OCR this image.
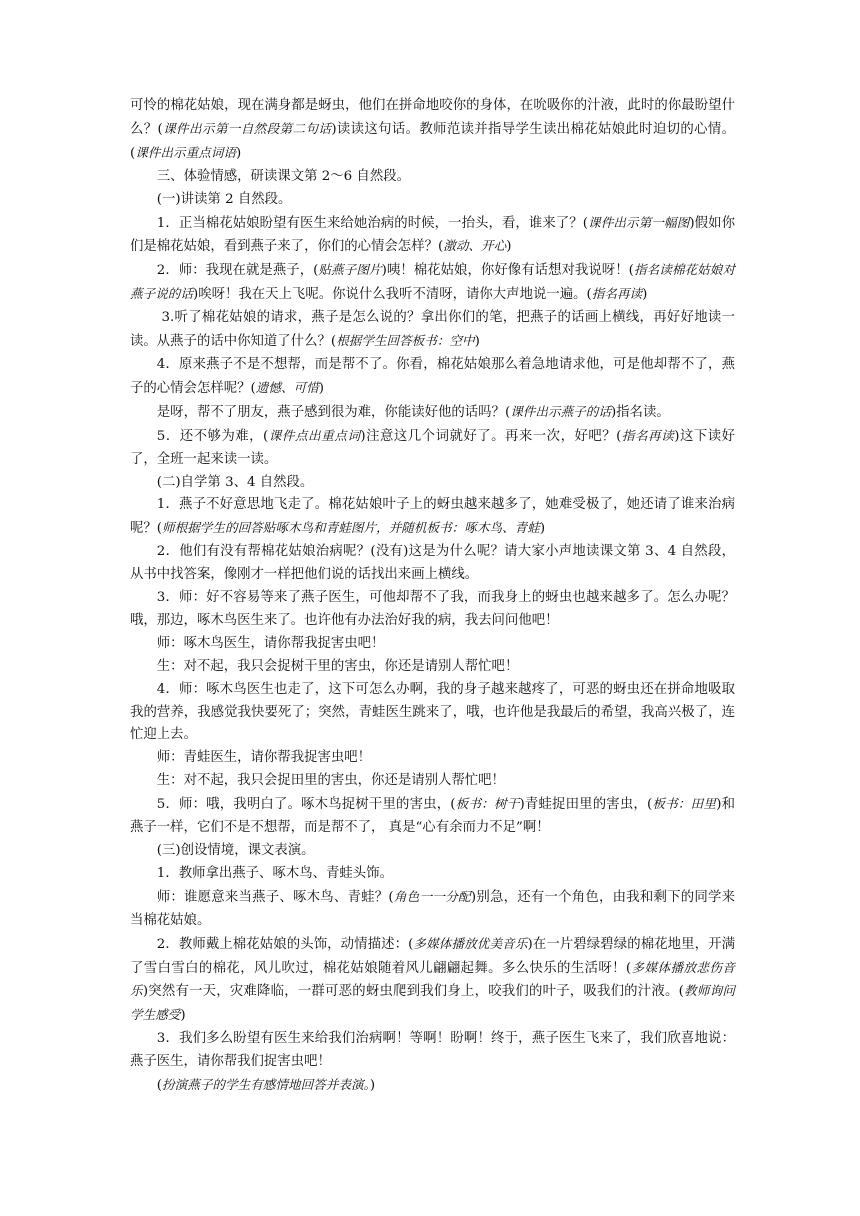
可怜的棉花姑娘，现在满身都是蚜虫，他们在拼命地咬你的身体，在吮吸你的汁液，此时的你最盼望什么？(课件出示第一自然段第二句话)读读这句话。教师范读并指导学生读出棉花姑娘此时迫切的心情。(课件出示重点词语)

三、体验情感，研读课文第 2～6 自然段。

(一)讲读第 2 自然段。

1．正当棉花姑娘盼望有医生来给她治病的时候，一抬头，看，谁来了？(课件出示第一幅图)假如你们是棉花姑娘，看到燕子来了，你们的心情会怎样？(激动、开心)

2．师：我现在就是燕子，(贴燕子图片)咦！棉花姑娘，你好像有话想对我说呀！(指名读棉花姑娘对燕子说的话)唉呀！我在天上飞呢。你说什么我听不清呀，请你大声地说一遍。(指名再读)

3.听了棉花姑娘的请求，燕子是怎么说的？拿出你们的笔，把燕子的话画上横线，再好好地读一读。从燕子的话中你知道了什么？(根据学生回答板书：空中)

4．原来燕子不是不想帮，而是帮不了。你看，棉花姑娘那么着急地请求他，可是他却帮不了，燕子的心情会怎样呢？(遗憾、可惜)

是呀，帮不了朋友，燕子感到很为难，你能读好他的话吗？(课件出示燕子的话)指名读。

5．还不够为难，(课件点出重点词)注意这几个词就好了。再来一次，好吧？(指名再读)这下读好了，全班一起来读一读。

(二)自学第 3、4 自然段。

1．燕子不好意思地飞走了。棉花姑娘叶子上的蚜虫越来越多了，她难受极了，她还请了谁来治病呢？(师根据学生的回答贴啄木鸟和青蛙图片，并随机板书：啄木鸟、青蛙)

2．他们有没有帮棉花姑娘治病呢？(没有)这是为什么呢？请大家小声地读课文第 3、4 自然段，从书中找答案，像刚才一样把他们说的话找出来画上横线。

3．师：好不容易等来了燕子医生，可他却帮不了我，而我身上的蚜虫也越来越多了。怎么办呢？哦，那边，啄木鸟医生来了。也许他有办法治好我的病，我去问问他吧！

师：啄木鸟医生，请你帮我捉害虫吧！

生：对不起，我只会捉树干里的害虫，你还是请别人帮忙吧！

4．师：啄木鸟医生也走了，这下可怎么办啊，我的身子越来越疼了，可恶的蚜虫还在拼命地吸取我的营养，我感觉我快要死了；突然，青蛙医生跳来了，哦，也许他是我最后的希望，我高兴极了，连忙迎上去。

师：青蛙医生，请你帮我捉害虫吧！

生：对不起，我只会捉田里的害虫，你还是请别人帮忙吧！

5．师：哦，我明白了。啄木鸟捉树干里的害虫，(板书：树干)青蛙捉田里的害虫，(板书：田里)和燕子一样，它们不是不想帮，而是帮不了， 真是“心有余而力不足”啊！

(三)创设情境，课文表演。

1．教师拿出燕子、啄木鸟、青蛙头饰。

师：谁愿意来当燕子、啄木鸟、青蛙？(角色一一分配)别急，还有一个角色，由我和剩下的同学来当棉花姑娘。

2．教师戴上棉花姑娘的头饰，动情描述：(多媒体播放优美音乐)在一片碧绿碧绿的棉花地里，开满了雪白雪白的棉花，风儿吹过，棉花姑娘随着风儿翩翩起舞。多么快乐的生活呀！(多媒体播放悲伤音乐)突然有一天，灾难降临，一群可恶的蚜虫爬到我们身上，咬我们的叶子，吸我们的汁液。(教师询问学生感受)

3．我们多么盼望有医生来给我们治病啊！等啊！盼啊！终于，燕子医生飞来了，我们欣喜地说：燕子医生，请你帮我们捉害虫吧！

(扮演燕子的学生有感情地回答并表演。)
